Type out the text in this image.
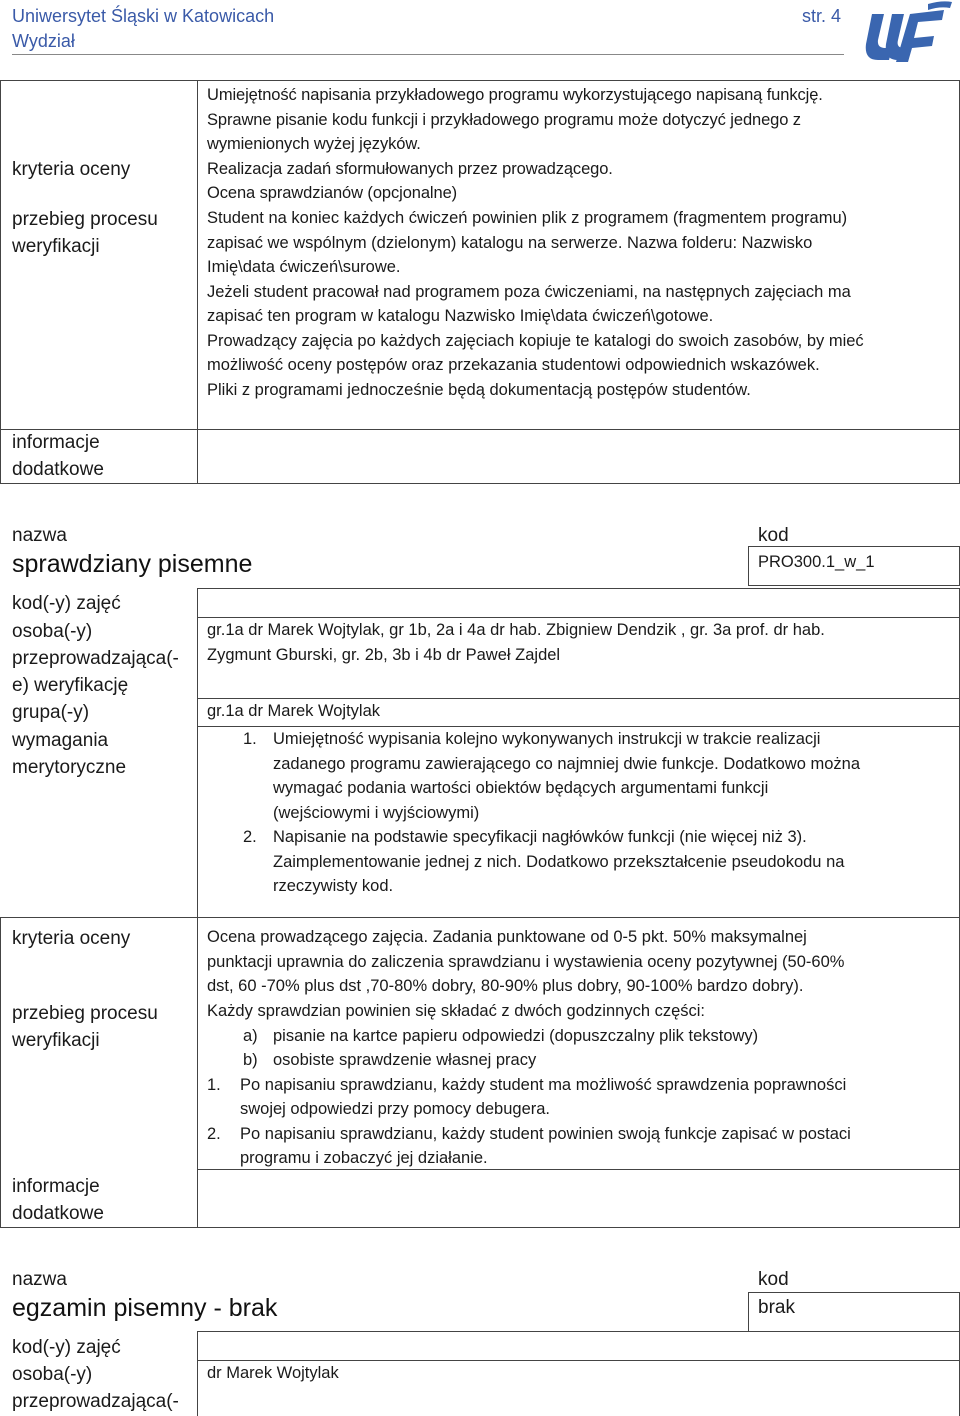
Uniwersytet Śląski w Katowicach
Wydział
str. 4
kryteria oceny
przebieg procesu weryfikacji
informacje dodatkowe
Umiejętność napisania przykładowego programu wykorzystującego napisaną funkcję.
Sprawne pisanie kodu funkcji i przykładowego programu może dotyczyć jednego z
wymienionych wyżej języków.
Realizacja zadań sformułowanych przez prowadzącego.
Ocena sprawdzianów (opcjonalne)
Student na koniec każdych ćwiczeń powinien plik z programem (fragmentem programu)
zapisać we wspólnym (dzielonym) katalogu na serwerze. Nazwa folderu: Nazwisko
Imię\data ćwiczeń\surowe.
Jeżeli student pracował nad programem poza ćwiczeniami, na następnych zajęciach ma
zapisać ten program w katalogu Nazwisko Imię\data ćwiczeń\gotowe.
Prowadzący zajęcia po każdych zajęciach kopiuje te katalogi do swoich zasobów, by mieć
możliwość oceny postępów oraz przekazania studentowi odpowiednich wskazówek.
Pliki z programami jednocześnie będą dokumentacją postępów studentów.
nazwa
sprawdziany pisemne
kod
PRO300.1_w_1
kod(-y) zajęć
osoba(-y) przeprowadzająca(-e) weryfikację
gr.1a dr Marek Wojtylak, gr 1b, 2a i 4a dr hab. Zbigniew Dendzik , gr. 3a prof. dr hab.
Zygmunt Gburski, gr. 2b, 3b i 4b dr Paweł Zajdel
grupa(-y)	gr.1a dr Marek Wojtylak
wymagania merytoryczne
1. Umiejętność wypisania kolejno wykonywanych instrukcji w trakcie realizacji
zadanego programu zawierającego co najmniej dwie funkcje. Dodatkowo można
wymagać podania wartości obiektów będących argumentami funkcji
(wejściowymi i wyjściowymi)
2. Napisanie na podstawie specyfikacji nagłówków funkcji (nie więcej niż 3).
Zaimplementowanie jednej z nich. Dodatkowo przekształcenie pseudokodu na
rzeczywisty kod.
kryteria oceny	Ocena prowadzącego zajęcia. Zadania punktowane od 0-5 pkt. 50% maksymalnej
punktacji uprawnia do zaliczenia sprawdzianu i wystawienia oceny pozytywnej (50-60%
dst, 60 -70% plus dst ,70-80% dobry, 80-90% plus dobry, 90-100% bardzo dobry).
przebieg procesu weryfikacji
Każdy sprawdzian powinien się składać z dwóch godzinnych części:
a) pisanie na kartce papieru odpowiedzi (dopuszczalny plik tekstowy)
b) osobiste sprawdzenie własnej pracy
1. Po napisaniu sprawdzianu, każdy student ma możliwość sprawdzenia poprawności
swojej odpowiedzi przy pomocy debugera.
2. Po napisaniu sprawdzianu, każdy student powinien swoją funkcje zapisać w postaci
programu i zobaczyć jej działanie.
informacje dodatkowe
nazwa
egzamin pisemny - brak
kod
brak
kod(-y) zajęć
osoba(-y) przeprowadzająca(-
dr Marek Wojtylak
